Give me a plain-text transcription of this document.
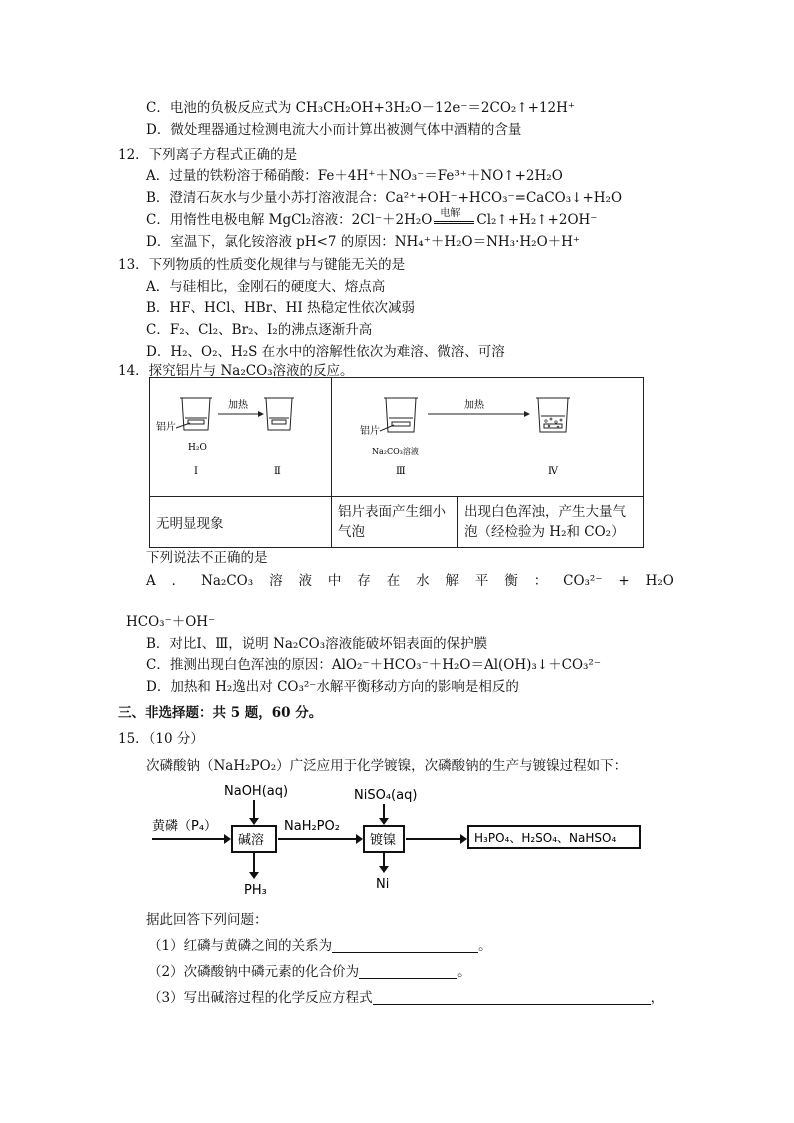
C．电池的负极反应式为 CH₃CH₂OH+3H₂O－12e⁻＝2CO₂↑+12H⁺
D．微处理器通过检测电流大小而计算出被测气体中酒精的含量
12．下列离子方程式正确的是
A．过量的铁粉溶于稀硝酸：Fe＋4H⁺＋NO₃⁻＝Fe³⁺＋NO↑+2H₂O
B．澄清石灰水与少量小苏打溶液混合：Ca²⁺+OH⁻+HCO₃⁻=CaCO₃↓+H₂O
C．用惰性电极电解 MgCl₂溶液：2Cl⁻＋2H₂O 电解 Cl₂↑+H₂↑+2OH⁻
D．室温下，氯化铵溶液 pH<7 的原因：NH₄⁺＋H₂O＝NH₃·H₂O＋H⁺
13．下列物质的性质变化规律与与键能无关的是
A．与硅相比，金刚石的硬度大、熔点高
B．HF、HCl、HBr、HI 热稳定性依次减弱
C．F₂、Cl₂、Br₂、I₂的沸点逐渐升高
D．H₂、O₂、H₂S 在水中的溶解性依次为难溶、微溶、可溶
14．探究铝片与 Na₂CO₃溶液的反应。
加热
铝片
H₂O
Ⅰ Ⅱ	加热
铝片
Na₂CO₃溶液
Ⅲ Ⅳ	

无明显现象	铝片表面产生细小气泡	出现白色浑浊，产生大量气泡（经检验为 H₂和 CO₂）
下列说法不正确的是
A ． Na₂CO₃ 溶 液 中 存 在 水 解 平 衡 ： CO₃²⁻ + H₂O
HCO₃⁻＋OH⁻
B．对比Ⅰ、Ⅲ，说明 Na₂CO₃溶液能破坏铝表面的保护膜
C．推测出现白色浑浊的原因：AlO₂⁻＋HCO₃⁻＋H₂O＝Al(OH)₃↓＋CO₃²⁻
D．加热和 H₂逸出对 CO₃²⁻水解平衡移动方向的影响是相反的
三、非选择题：共 5 题，60 分。
15．（10 分）
次磷酸钠（NaH₂PO₂）广泛应用于化学镀镍，次磷酸钠的生产与镀镍过程如下：
NaOH(aq)	NiSO₄(aq)
黄磷（P₄）	NaH₂PO₂
PH₃	Ni
碱溶	镀镍	H₃PO₄、H₂SO₄、NaHSO₄
据此回答下列问题：
（1）红磷与黄磷之间的关系为	。
（2）次磷酸钠中磷元素的化合价为	。
（3）写出碱溶过程的化学反应方程式	，
